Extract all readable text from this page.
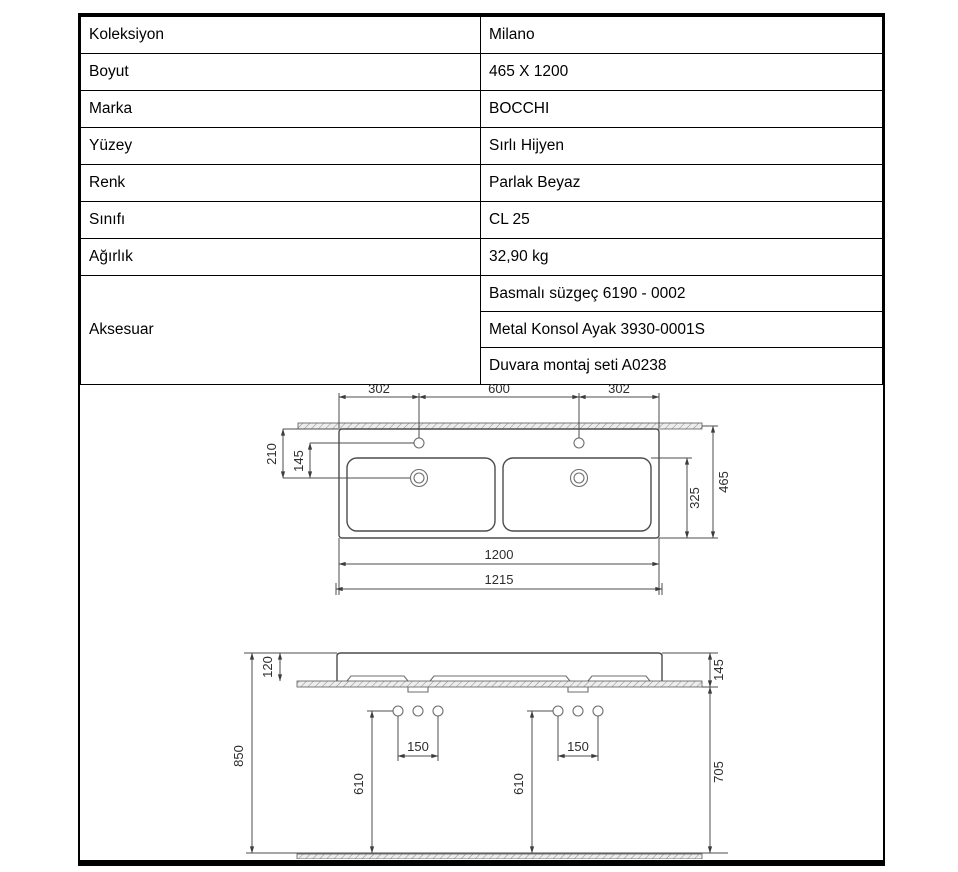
Koleksiyon	Milano
Boyut	465 X 1200
Marka	BOCCHI
Yüzey	Sırlı Hijyen
Renk	Parlak Beyaz
Sınıfı	CL 25
Ağırlık	32,90 kg
Aksesuar	Basmalı süzgeç 6190 - 0002
	Metal Konsol Ayak 3930-0001S
	Duvara montaj seti A0238
302	600	302
210 145
325
465
1200
1215
120
850
145
705
150
610
150
610
